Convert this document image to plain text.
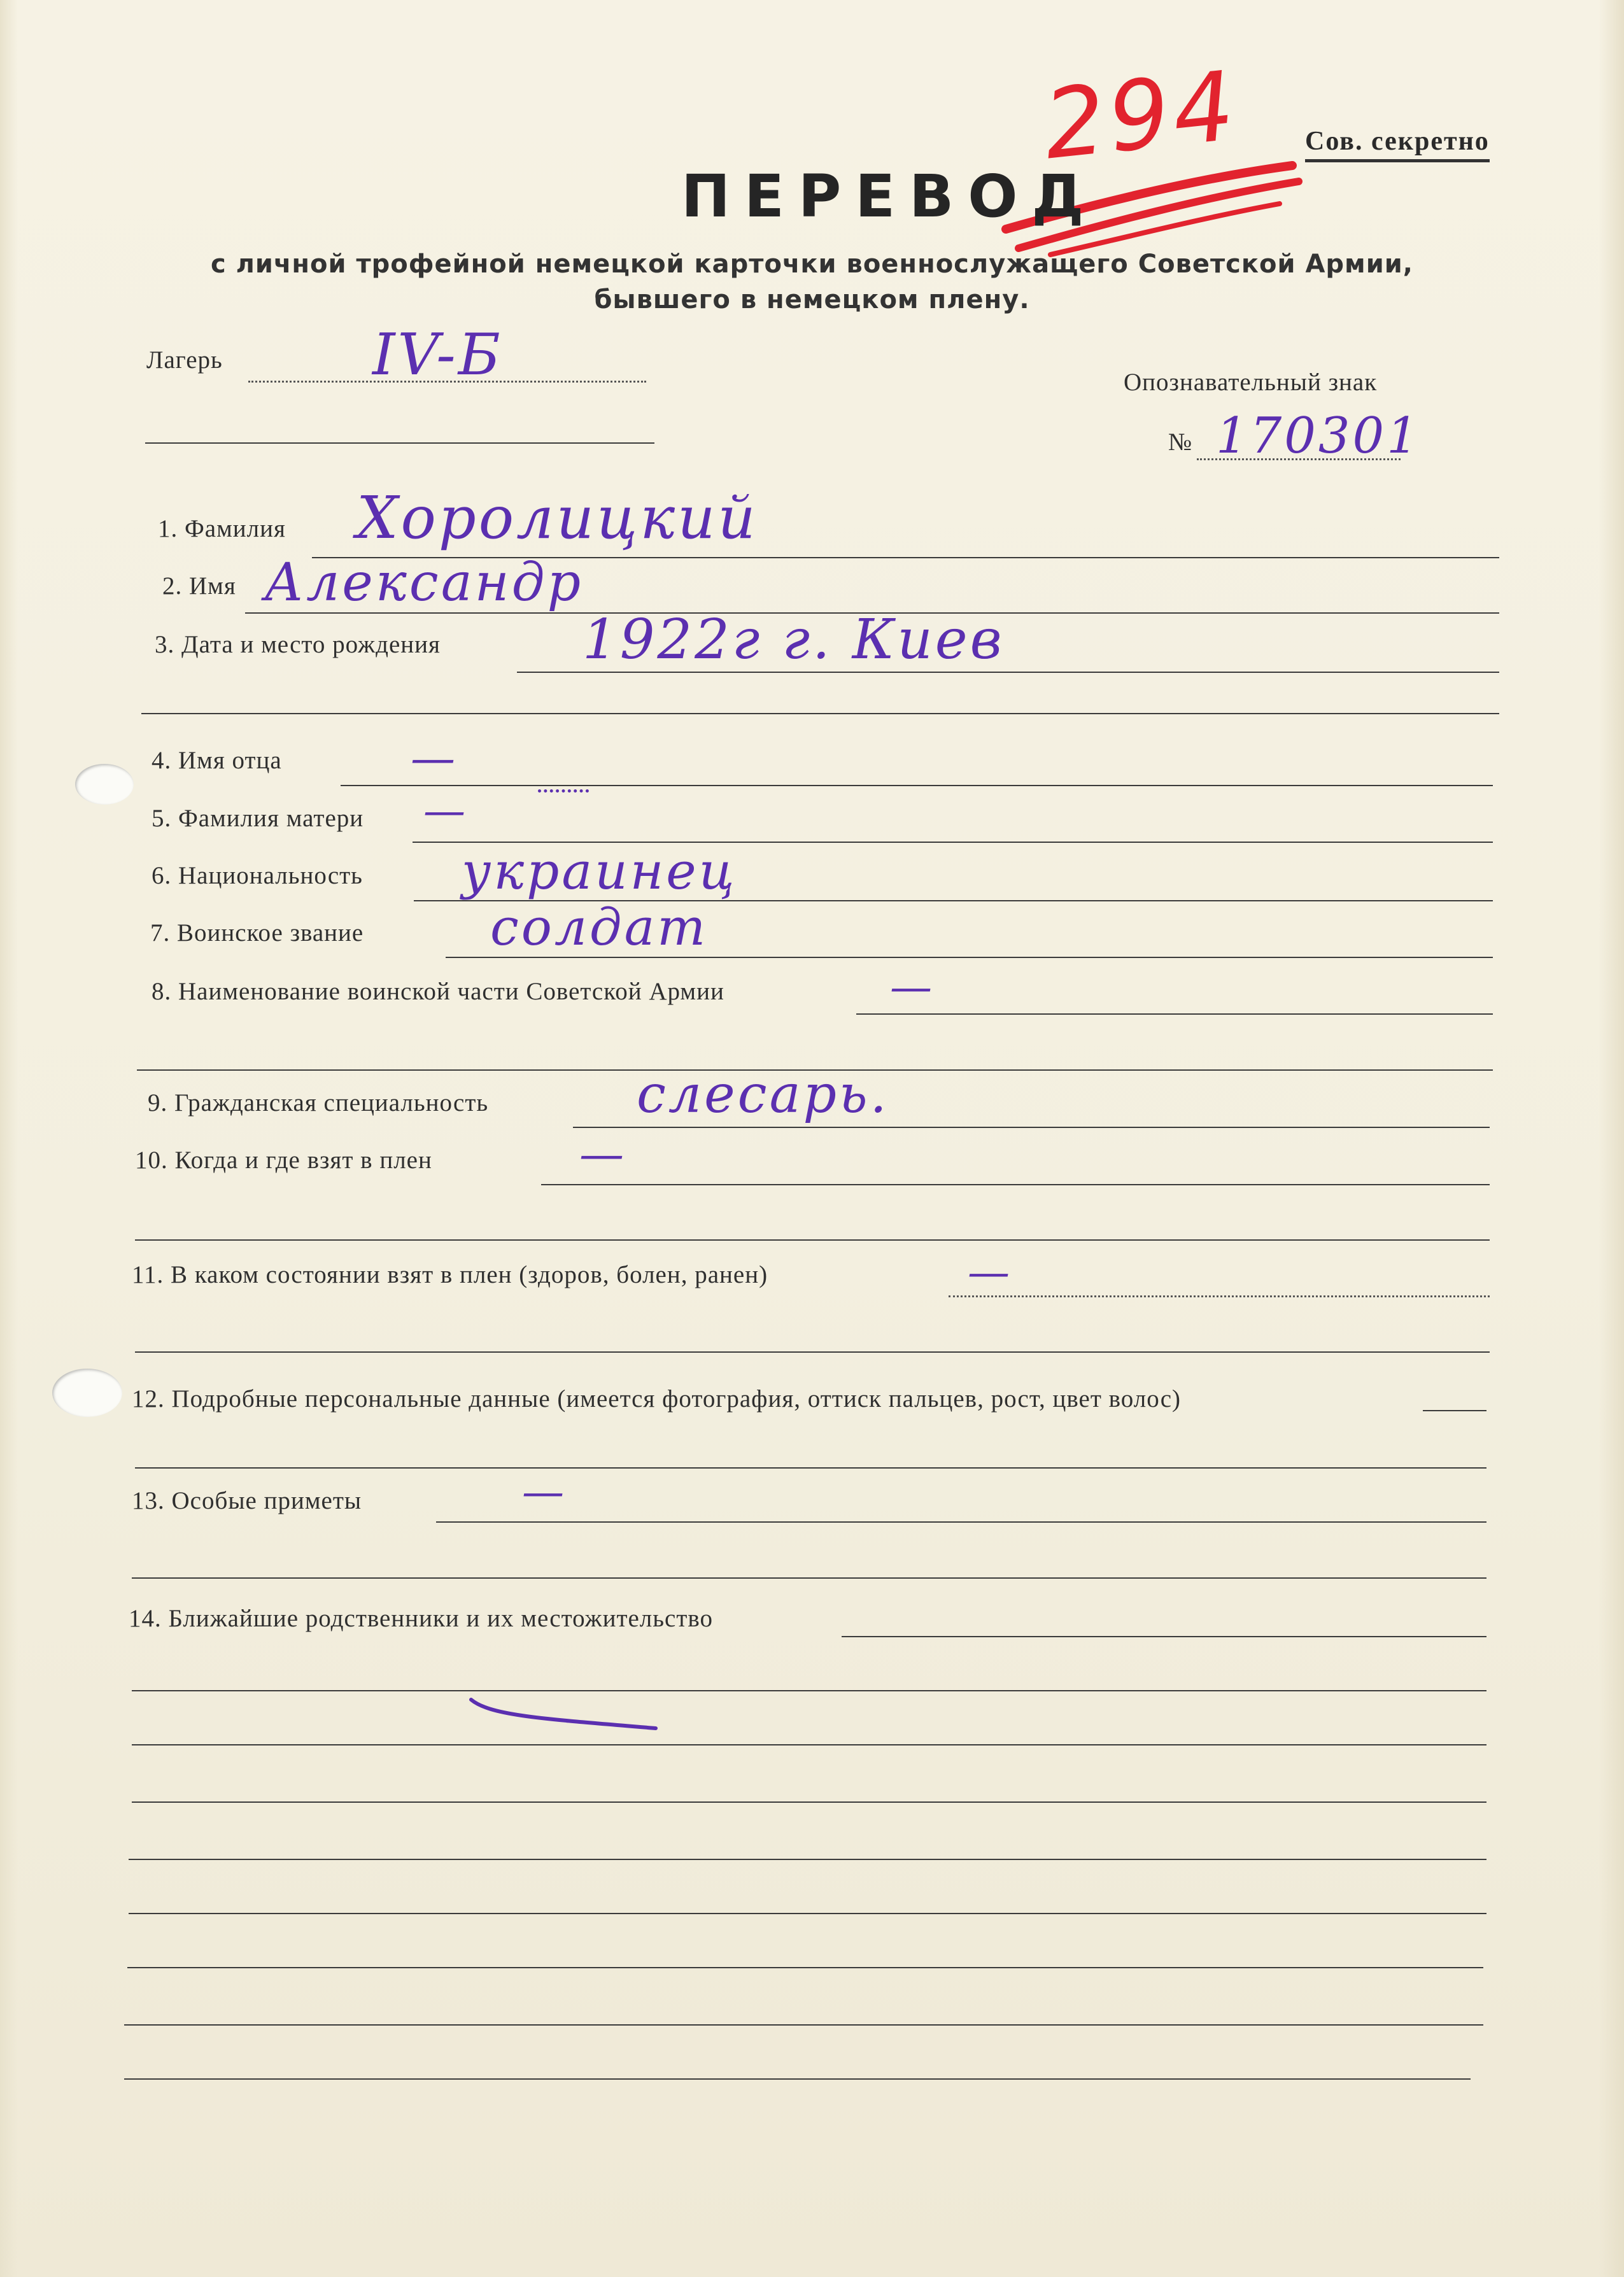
294 Сов. секретно
ПЕРЕВОД
с личной трофейной немецкой карточки военнослужащего Советской Армии,
бывшего в немецком плену.
Лагерь	IV-Б	Опознавательный знак
№ 170301
1. Фамилия Хоролицкий
2. Имя Александр
3. Дата и место рождения	1922г г. Киев
4. Имя отца	—
5. Фамилия матери —
6. Национальность украинец
7. Воинское звание солдат
8. Наименование воинской части Советской Армии	—
9. Гражданская специальность	слесарь.
10. Когда и где взят в плен	—
11. В каком состоянии взят в плен (здоров, болен, ранен)	—
12. Подробные персональные данные (имеется фотография, оттиск пальцев, рост, цвет волос)
13. Особые приметы	—
14. Ближайшие родственники и их местожительство
